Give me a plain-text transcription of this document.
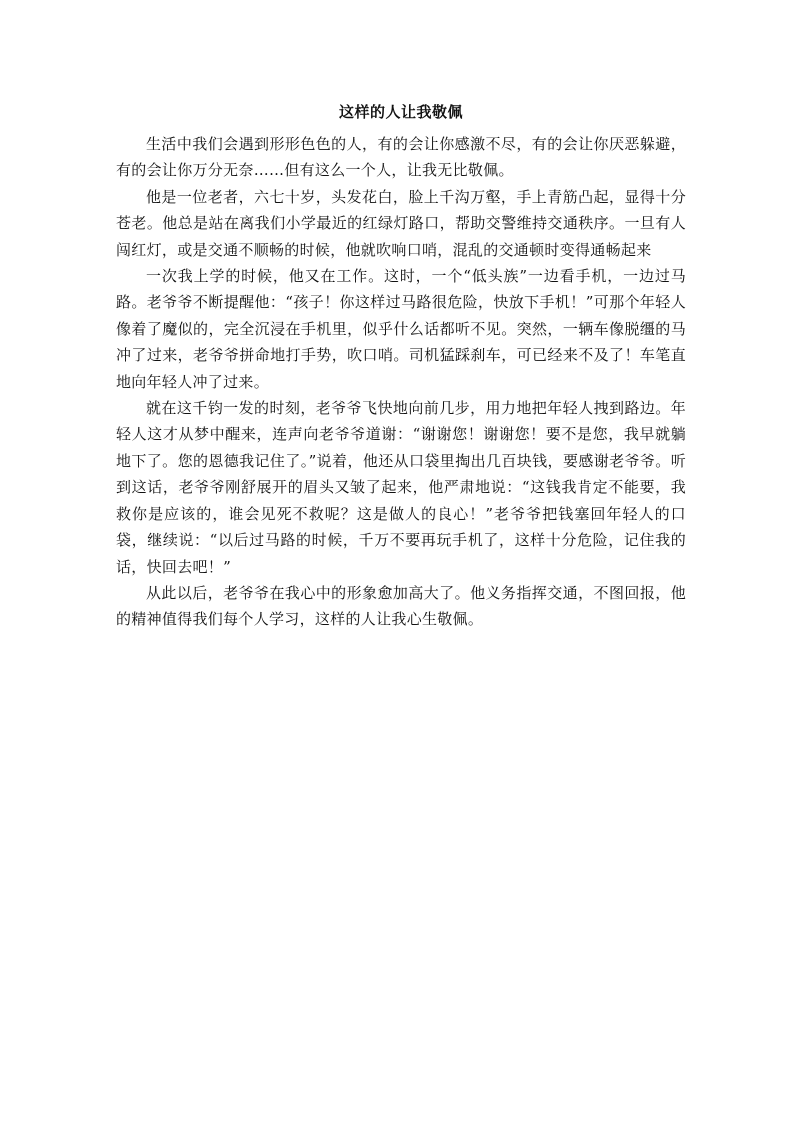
这样的人让我敬佩

生活中我们会遇到形形色色的人，有的会让你感激不尽，有的会让你厌恶躲避，有的会让你万分无奈……但有这么一个人，让我无比敬佩。

他是一位老者，六七十岁，头发花白，脸上千沟万壑，手上青筋凸起，显得十分苍老。他总是站在离我们小学最近的红绿灯路口，帮助交警维持交通秩序。一旦有人闯红灯，或是交通不顺畅的时候，他就吹响口哨，混乱的交通顿时变得通畅起来

一次我上学的时候，他又在工作。这时，一个“低头族”一边看手机，一边过马路。老爷爷不断提醒他：“孩子！你这样过马路很危险，快放下手机！”可那个年轻人像着了魔似的，完全沉浸在手机里，似乎什么话都听不见。突然，一辆车像脱缰的马冲了过来，老爷爷拼命地打手势，吹口哨。司机猛踩刹车，可已经来不及了！车笔直地向年轻人冲了过来。

就在这千钧一发的时刻，老爷爷飞快地向前几步，用力地把年轻人拽到路边。年轻人这才从梦中醒来，连声向老爷爷道谢：“谢谢您！谢谢您！要不是您，我早就躺地下了。您的恩德我记住了。”说着，他还从口袋里掏出几百块钱，要感谢老爷爷。听到这话，老爷爷刚舒展开的眉头又皱了起来，他严肃地说：“这钱我肯定不能要，我救你是应该的，谁会见死不救呢？这是做人的良心！”老爷爷把钱塞回年轻人的口袋，继续说：“以后过马路的时候，千万不要再玩手机了，这样十分危险，记住我的话，快回去吧！”

从此以后，老爷爷在我心中的形象愈加高大了。他义务指挥交通，不图回报，他的精神值得我们每个人学习，这样的人让我心生敬佩。
